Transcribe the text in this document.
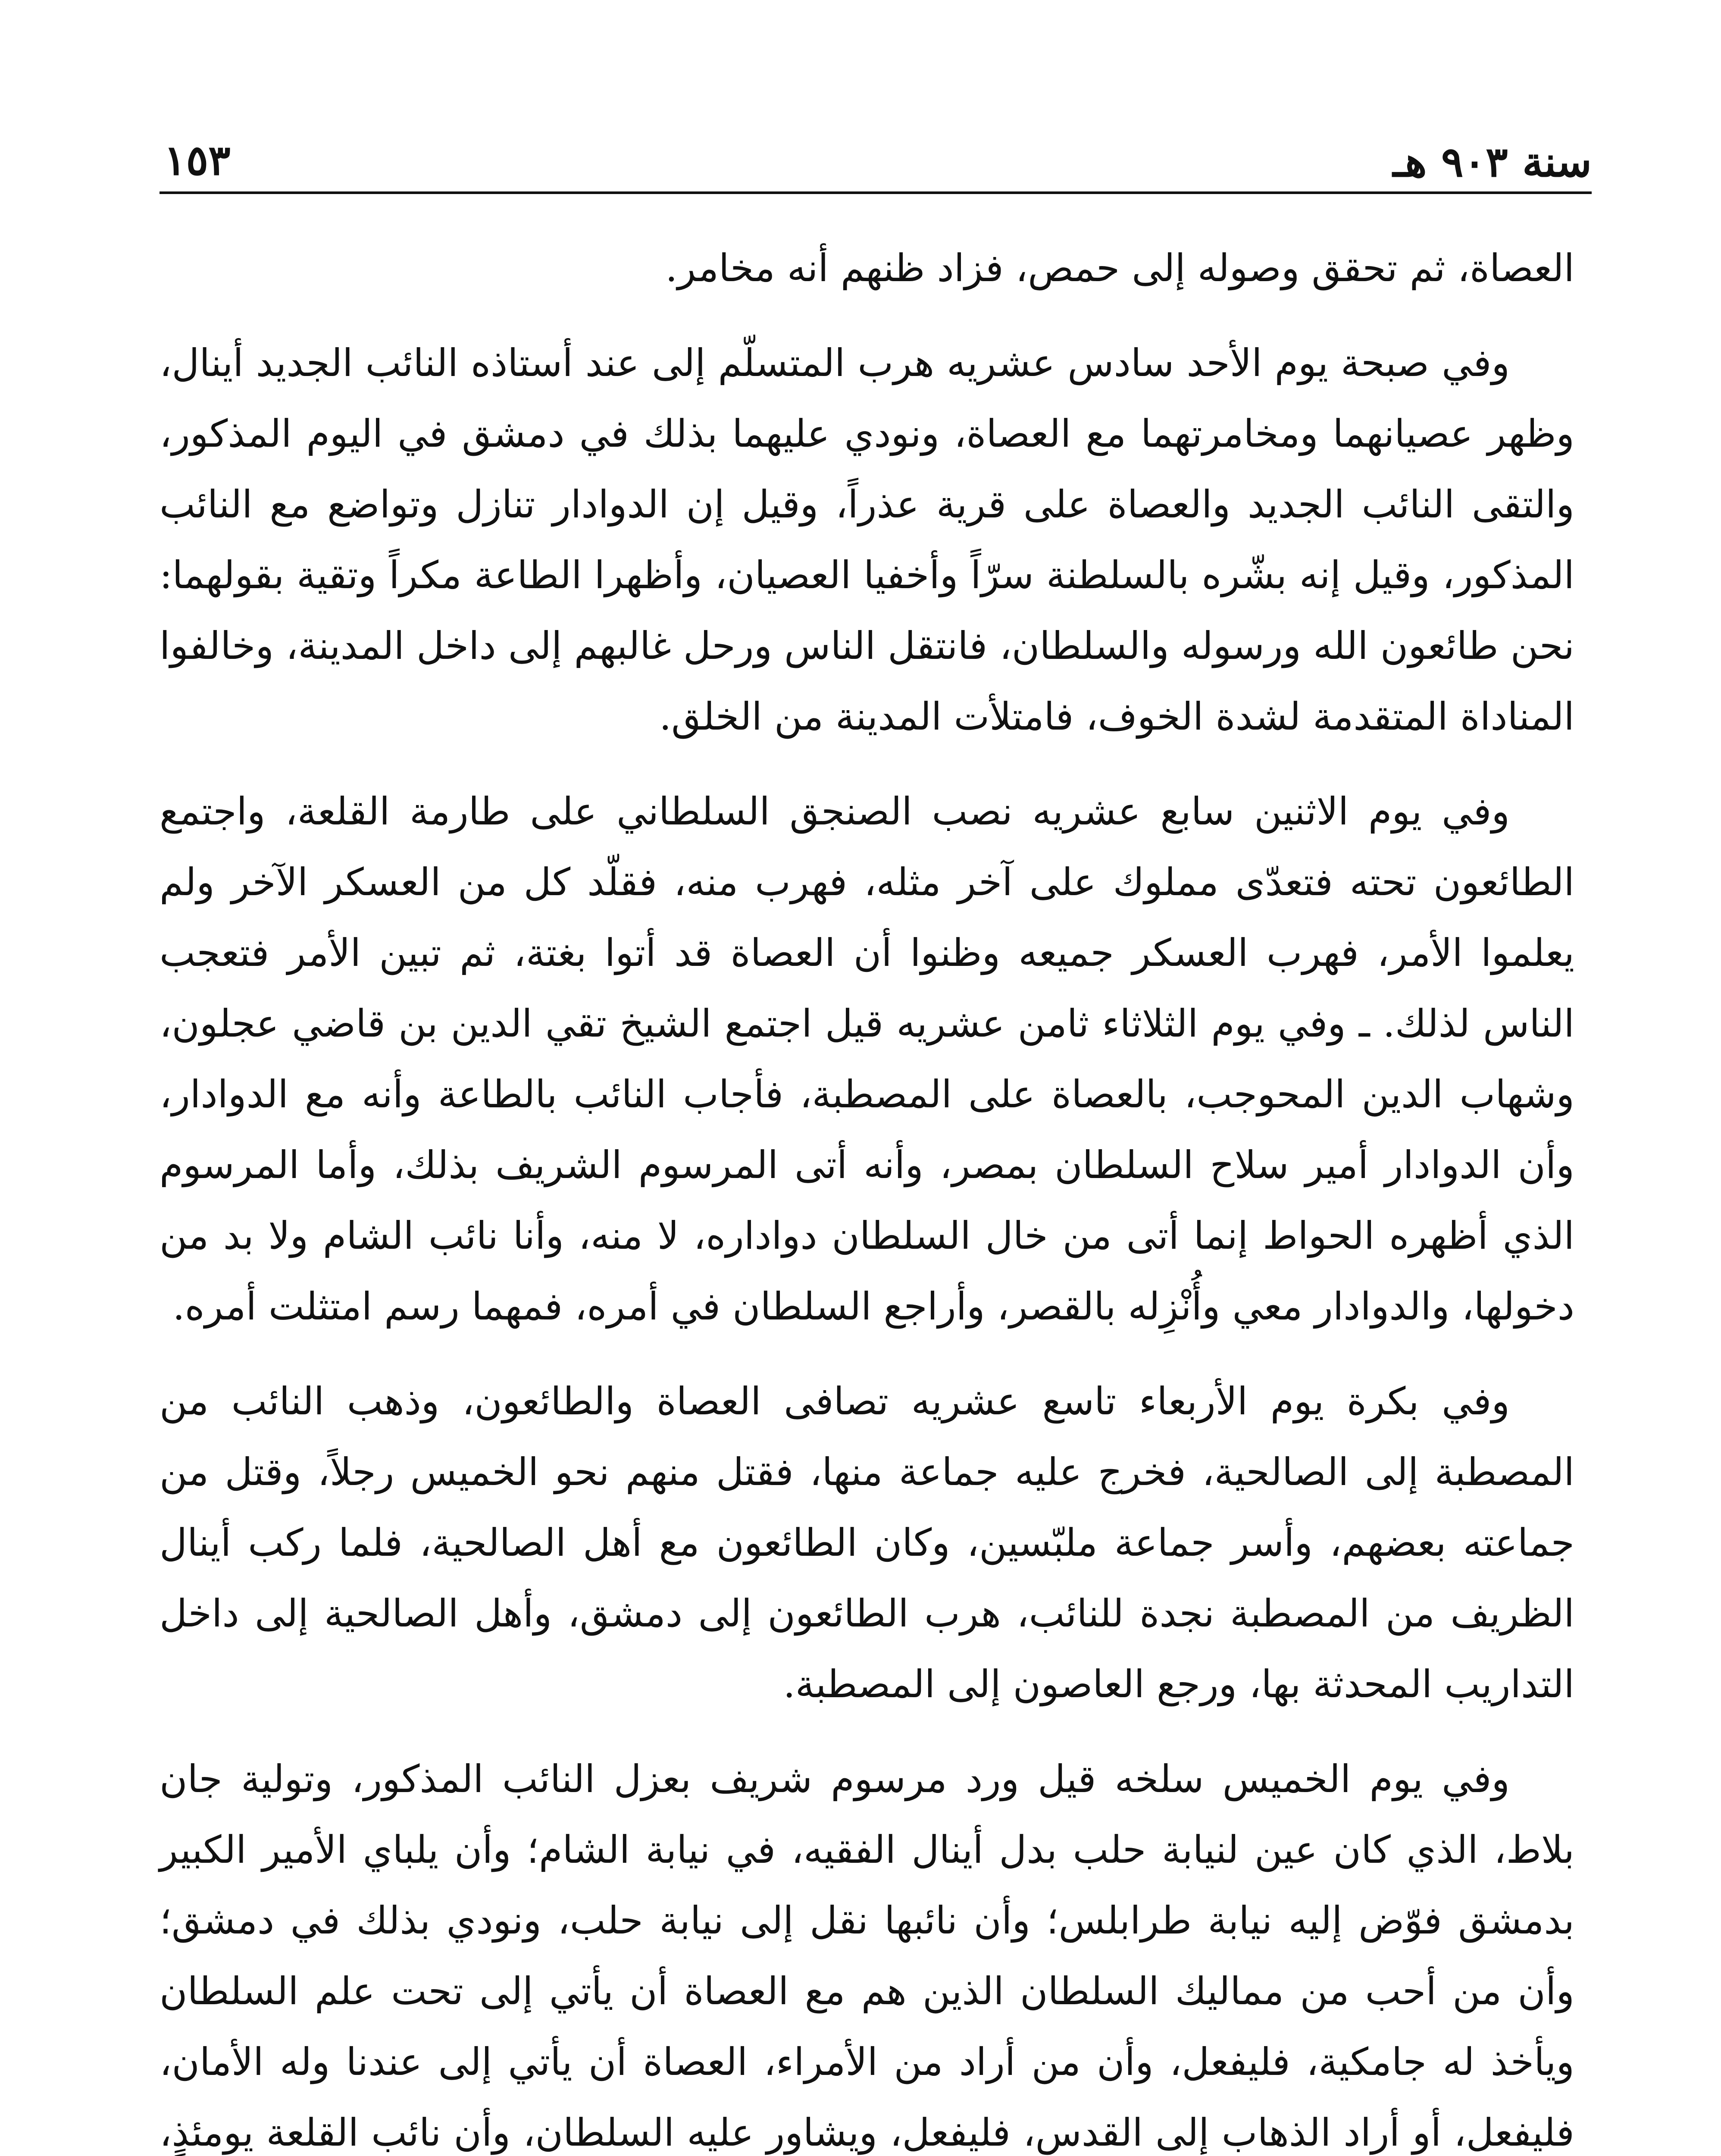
سنة ٩٠٣ هـ
١٥٣

العصاة، ثم تحقق وصوله إلى حمص، فزاد ظنهم أنه مخامر.

وفي صبحة يوم الأحد سادس عشريه هرب المتسلّم إلى عند أستاذه النائب الجديد أينال، وظهر عصيانهما ومخامرتهما مع العصاة، ونودي عليهما بذلك في دمشق في اليوم المذكور، والتقى النائب الجديد والعصاة على قرية عذراً، وقيل إن الدوادار تنازل وتواضع مع النائب المذكور، وقيل إنه بشّره بالسلطنة سرّاً وأخفيا العصيان، وأظهرا الطاعة مكراً وتقية بقولهما: نحن طائعون الله ورسوله والسلطان، فانتقل الناس ورحل غالبهم إلى داخل المدينة، وخالفوا المناداة المتقدمة لشدة الخوف، فامتلأت المدينة من الخلق.

وفي يوم الاثنين سابع عشريه نصب الصنجق السلطاني على طارمة القلعة، واجتمع الطائعون تحته فتعدّى مملوك على آخر مثله، فهرب منه، فقلّد كل من العسكر الآخر ولم يعلموا الأمر، فهرب العسكر جميعه وظنوا أن العصاة قد أتوا بغتة، ثم تبين الأمر فتعجب الناس لذلك. ـ وفي يوم الثلاثاء ثامن عشريه قيل اجتمع الشيخ تقي الدين بن قاضي عجلون، وشهاب الدين المحوجب، بالعصاة على المصطبة، فأجاب النائب بالطاعة وأنه مع الدوادار، وأن الدوادار أمير سلاح السلطان بمصر، وأنه أتى المرسوم الشريف بذلك، وأما المرسوم الذي أظهره الحواط إنما أتى من خال السلطان دواداره، لا منه، وأنا نائب الشام ولا بد من دخولها، والدوادار معي وأُنْزِله بالقصر، وأراجع السلطان في أمره، فمهما رسم امتثلت أمره.

وفي بكرة يوم الأربعاء تاسع عشريه تصافى العصاة والطائعون، وذهب النائب من المصطبة إلى الصالحية، فخرج عليه جماعة منها، فقتل منهم نحو الخميس رجلاً، وقتل من جماعته بعضهم، وأسر جماعة ملبّسين، وكان الطائعون مع أهل الصالحية، فلما ركب أينال الظريف من المصطبة نجدة للنائب، هرب الطائعون إلى دمشق، وأهل الصالحية إلى داخل التداريب المحدثة بها، ورجع العاصون إلى المصطبة.

وفي يوم الخميس سلخه قيل ورد مرسوم شريف بعزل النائب المذكور، وتولية جان بلاط، الذي كان عين لنيابة حلب بدل أينال الفقيه، في نيابة الشام؛ وأن يلباي الأمير الكبير بدمشق فوّض إليه نيابة طرابلس؛ وأن نائبها نقل إلى نيابة حلب، ونودي بذلك في دمشق؛ وأن من أحب من مماليك السلطان الذين هم مع العصاة أن يأتي إلى تحت علم السلطان ويأخذ له جامكية، فليفعل، وأن من أراد من الأمراء، العصاة أن يأتي إلى عندنا وله الأمان، فليفعل، أو أراد الذهاب إلى القدس، فليفعل، ويشاور عليه السلطان، وأن نائب القلعة يومئذٍ،
